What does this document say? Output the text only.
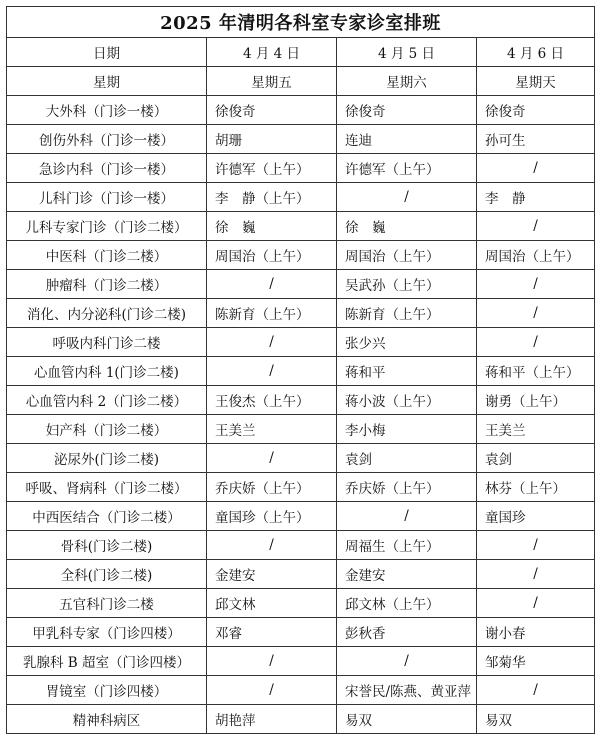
2025 年清明各科室专家诊室排班			
日期	4 月 4 日	4 月 5 日	4 月 6 日
星期	星期五	星期六	星期天
大外科（门诊一楼）	徐俊奇	徐俊奇	徐俊奇
创伤外科（门诊一楼）	胡珊	连迪	孙可生
急诊内科（门诊一楼）	许德军（上午）	许德军（上午）	/
儿科门诊（门诊一楼）	李　静（上午）	/	李　静
儿科专家门诊（门诊二楼）	徐　巍	徐　巍	/
中医科（门诊二楼）	周国治（上午）	周国治（上午）	周国治（上午）
肿瘤科（门诊二楼）	/	吴武孙（上午）	/
消化、内分泌科(门诊二楼)	陈新育（上午）	陈新育（上午）	/
呼吸内科门诊二楼	/	张少兴	/
心血管内科 1(门诊二楼)	/	蒋和平	蒋和平（上午）
心血管内科 2（门诊二楼）	王俊杰（上午）	蒋小波（上午）	谢勇（上午）
妇产科（门诊二楼）	王美兰	李小梅	王美兰
泌尿外(门诊二楼)	/	袁剑	袁剑
呼吸、肾病科（门诊二楼）	乔庆娇（上午）	乔庆娇（上午）	林芬（上午）
中西医结合（门诊二楼）	童国珍（上午）	/	童国珍
骨科(门诊二楼)	/	周福生（上午）	/
全科(门诊二楼)	金建安	金建安	/
五官科门诊二楼	邱文林	邱文林（上午）	/
甲乳科专家（门诊四楼）	邓睿	彭秋香	谢小春
乳腺科 B 超室（门诊四楼）	/	/	邹菊华
胃镜室（门诊四楼）	/	宋誉民/陈燕、黄亚萍	/
精神科病区	胡艳萍	易双	易双
